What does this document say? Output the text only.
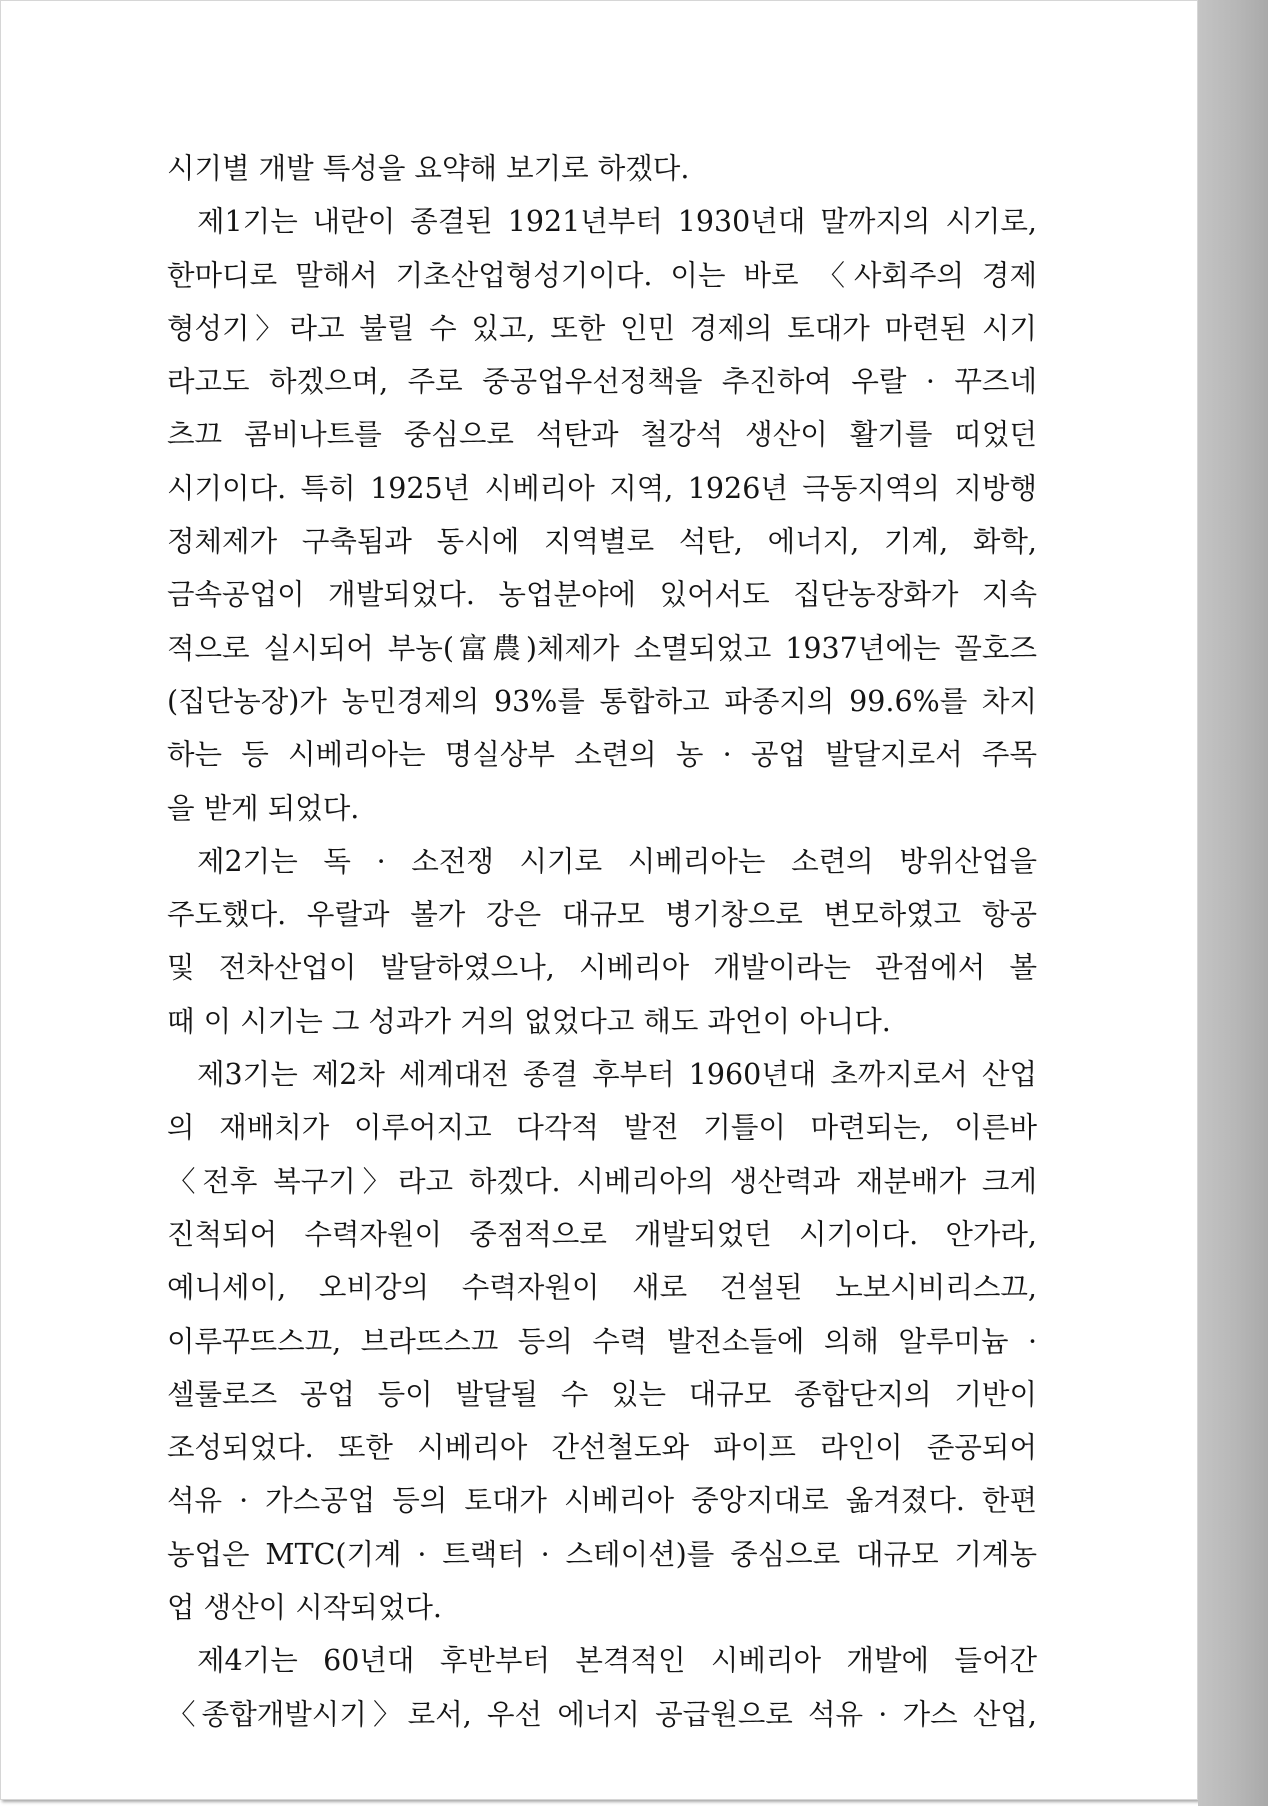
시기별 개발 특성을 요약해 보기로 하겠다.
제1기는 내란이 종결된 1921년부터 1930년대 말까지의 시기로,
한마디로 말해서 기초산업형성기이다. 이는 바로 〈사회주의 경제
형성기〉라고 불릴 수 있고, 또한 인민 경제의 토대가 마련된 시기
라고도 하겠으며, 주로 중공업우선정책을 추진하여 우랄 · 꾸즈네
츠끄 콤비나트를 중심으로 석탄과 철강석 생산이 활기를 띠었던
시기이다. 특히 1925년 시베리아 지역, 1926년 극동지역의 지방행
정체제가 구축됨과 동시에 지역별로 석탄, 에너지, 기계, 화학,
금속공업이 개발되었다. 농업분야에 있어서도 집단농장화가 지속
적으로 실시되어 부농(富農)체제가 소멸되었고 1937년에는 꼴호즈
(집단농장)가 농민경제의 93%를 통합하고 파종지의 99.6%를 차지
하는 등 시베리아는 명실상부 소련의 농 · 공업 발달지로서 주목
을 받게 되었다.
제2기는 독 · 소전쟁 시기로 시베리아는 소련의 방위산업을
주도했다. 우랄과 볼가 강은 대규모 병기창으로 변모하였고 항공
및 전차산업이 발달하였으나, 시베리아 개발이라는 관점에서 볼
때 이 시기는 그 성과가 거의 없었다고 해도 과언이 아니다.
제3기는 제2차 세계대전 종결 후부터 1960년대 초까지로서 산업
의 재배치가 이루어지고 다각적 발전 기틀이 마련되는, 이른바
〈전후 복구기〉라고 하겠다. 시베리아의 생산력과 재분배가 크게
진척되어 수력자원이 중점적으로 개발되었던 시기이다. 안가라,
예니세이, 오비강의 수력자원이 새로 건설된 노보시비리스끄,
이루꾸뜨스끄, 브라뜨스끄 등의 수력 발전소들에 의해 알루미늄 ·
셀룰로즈 공업 등이 발달될 수 있는 대규모 종합단지의 기반이
조성되었다. 또한 시베리아 간선철도와 파이프 라인이 준공되어
석유 · 가스공업 등의 토대가 시베리아 중앙지대로 옮겨졌다. 한편
농업은 MTC(기계 · 트랙터 · 스테이션)를 중심으로 대규모 기계농
업 생산이 시작되었다.
제4기는 60년대 후반부터 본격적인 시베리아 개발에 들어간
〈종합개발시기〉로서, 우선 에너지 공급원으로 석유 · 가스 산업,
